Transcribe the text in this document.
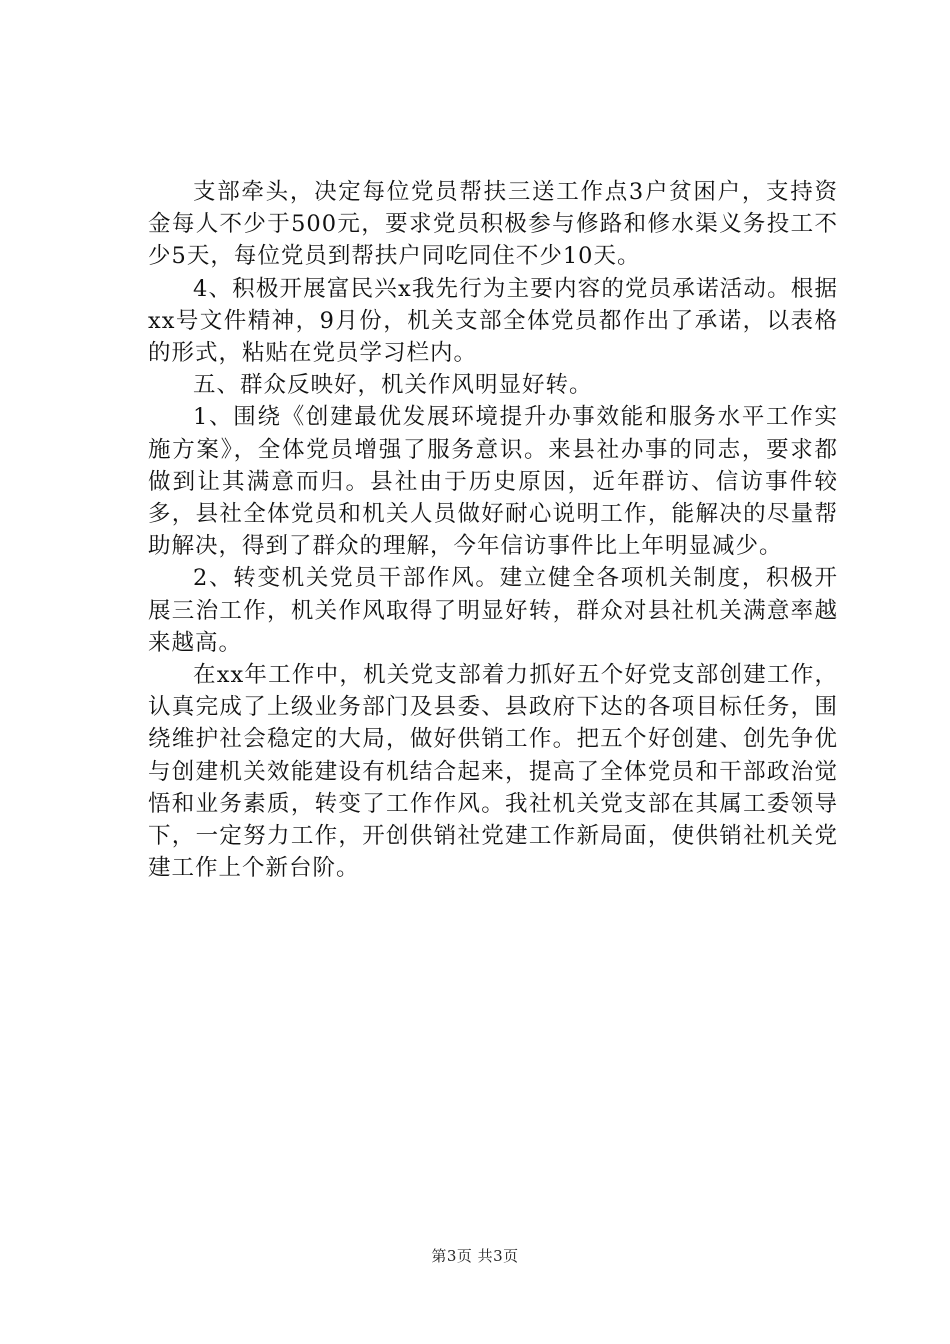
支部牵头，决定每位党员帮扶三送工作点3户贫困户，支持资金每人不少于500元，要求党员积极参与修路和修水渠义务投工不少5天，每位党员到帮扶户同吃同住不少10天。

4、积极开展富民兴x我先行为主要内容的党员承诺活动。根据xx号文件精神，9月份，机关支部全体党员都作出了承诺，以表格的形式，粘贴在党员学习栏内。

五、群众反映好，机关作风明显好转。

1、围绕《创建最优发展环境提升办事效能和服务水平工作实施方案》，全体党员增强了服务意识。来县社办事的同志，要求都做到让其满意而归。县社由于历史原因，近年群访、信访事件较多，县社全体党员和机关人员做好耐心说明工作，能解决的尽量帮助解决，得到了群众的理解，今年信访事件比上年明显减少。

2、转变机关党员干部作风。建立健全各项机关制度，积极开展三治工作，机关作风取得了明显好转，群众对县社机关满意率越来越高。

在xx年工作中，机关党支部着力抓好五个好党支部创建工作，认真完成了上级业务部门及县委、县政府下达的各项目标任务，围绕维护社会稳定的大局，做好供销工作。把五个好创建、创先争优与创建机关效能建设有机结合起来，提高了全体党员和干部政治觉悟和业务素质，转变了工作作风。我社机关党支部在其属工委领导下，一定努力工作，开创供销社党建工作新局面，使供销社机关党建工作上个新台阶。

第3页 共3页
